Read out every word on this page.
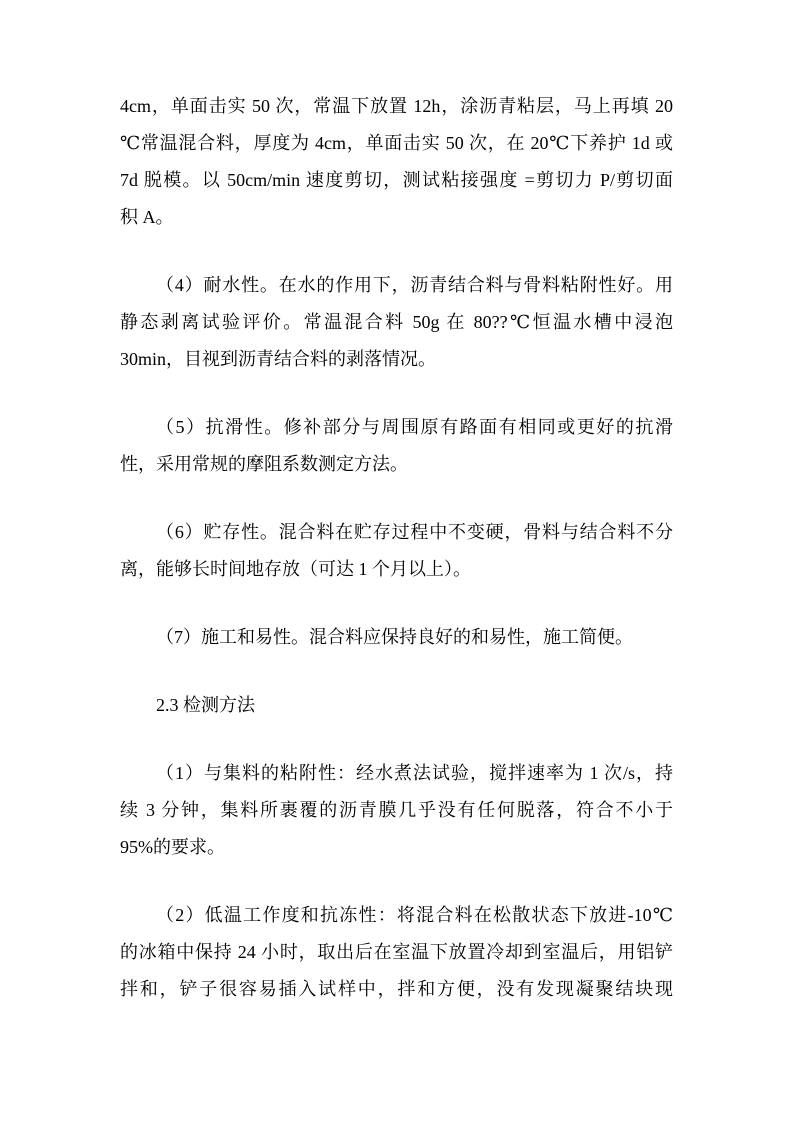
4cm，单面击实 50 次，常温下放置 12h，涂沥青粘层，马上再填 20
℃常温混合料，厚度为 4cm，单面击实 50 次，在 20℃下养护 1d 或
7d 脱模。以 50cm/min 速度剪切，测试粘接强度 =剪切力 P/剪切面
积 A。
（4）耐水性。在水的作用下，沥青结合料与骨料粘附性好。用
静态剥离试验评价。常温混合料 50g 在 80??℃恒温水槽中浸泡
30min，目视到沥青结合料的剥落情况。
（5）抗滑性。修补部分与周围原有路面有相同或更好的抗滑
性，采用常规的摩阻系数测定方法。
（6）贮存性。混合料在贮存过程中不变硬，骨料与结合料不分
离，能够长时间地存放（可达 1 个月以上）。
（7）施工和易性。混合料应保持良好的和易性，施工简便。
2.3 检测方法
（1）与集料的粘附性：经水煮法试验，搅拌速率为 1 次/s，持
续 3 分钟，集料所裹覆的沥青膜几乎没有任何脱落，符合不小于
95%的要求。
（2）低温工作度和抗冻性：将混合料在松散状态下放进-10℃
的冰箱中保持 24 小时，取出后在室温下放置冷却到室温后，用铝铲
拌和，铲子很容易插入试样中，拌和方便，没有发现凝聚结块现
